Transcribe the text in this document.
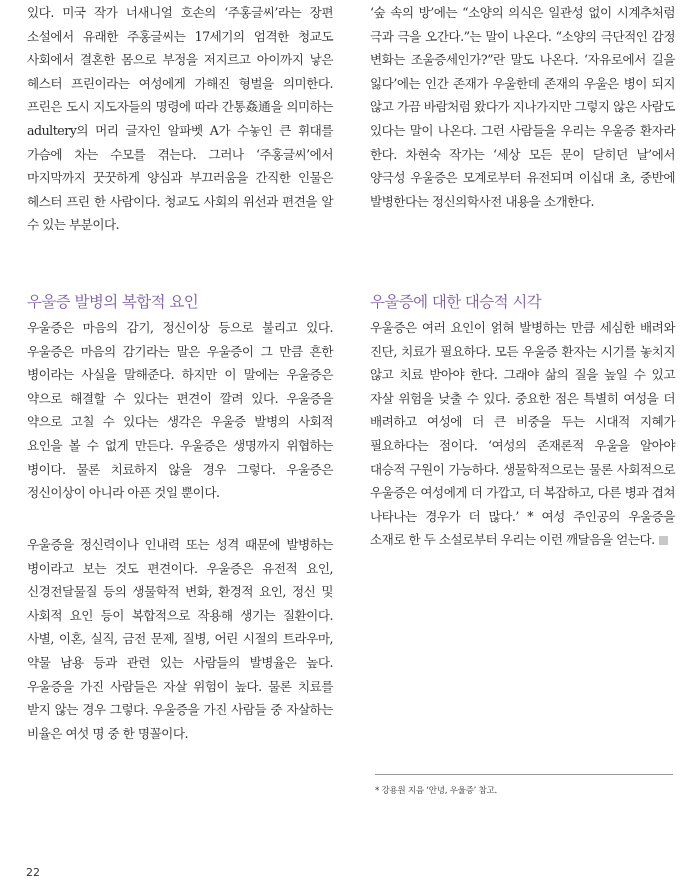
있다. 미국 작가 너새니얼 호손의 ‘주홍글씨’라는 장편 소설에서 유래한 주홍글씨는 17세기의 엄격한 청교도 사회에서 결혼한 몸으로 부정을 저지르고 아이까지 낳은 헤스터 프린이라는 여성에게 가해진 형벌을 의미한다. 프린은 도시 지도자들의 명령에 따라 간통姦通을 의미하는 adultery의 머리 글자인 알파벳 A가 수놓인 큰 휘대를 가슴에 차는 수모를 겪는다. 그러나 ‘주홍글씨’에서 마지막까지 꿋꿋하게 양심과 부끄러움을 간직한 인물은 헤스터 프린 한 사람이다. 청교도 사회의 위선과 편견을 알 수 있는 부분이다.

우울증 발병의 복합적 요인

우울증은 마음의 감기, 정신이상 등으로 불리고 있다. 우울증은 마음의 감기라는 말은 우울증이 그 만큼 흔한 병이라는 사실을 말해준다. 하지만 이 말에는 우울증은 약으로 해결할 수 있다는 편견이 깔려 있다. 우울증을 약으로 고칠 수 있다는 생각은 우울증 발병의 사회적 요인을 볼 수 없게 만든다. 우울증은 생명까지 위협하는 병이다. 물론 치료하지 않을 경우 그렇다. 우울증은 정신이상이 아니라 아픈 것일 뿐이다.

우울증을 정신력이나 인내력 또는 성격 때문에 발병하는 병이라고 보는 것도 편견이다. 우울증은 유전적 요인, 신경전달물질 등의 생물학적 변화, 환경적 요인, 정신 및 사회적 요인 등이 복합적으로 작용해 생기는 질환이다. 사별, 이혼, 실직, 금전 문제, 질병, 어린 시절의 트라우마, 약물 남용 등과 관련 있는 사람들의 발병율은 높다. 우울증을 가진 사람들은 자살 위험이 높다. 물론 치료를 받지 않는 경우 그렇다. 우울증을 가진 사람들 중 자살하는 비율은 여섯 명 중 한 명꼴이다.

‘숲 속의 방’에는 “소양의 의식은 일관성 없이 시계추처럼 극과 극을 오간다.”는 말이 나온다. “소양의 극단적인 감정 변화는 조울증세인가?”란 말도 나온다. ‘자유로에서 길을 잃다’에는 인간 존재가 우울한데 존재의 우울은 병이 되지 않고 가끔 바람처럼 왔다가 지나가지만 그렇지 않은 사람도 있다는 말이 나온다. 그런 사람들을 우리는 우울증 환자라 한다. 차현숙 작가는 ‘세상 모든 문이 닫히던 날’에서 양극성 우울증은 모계로부터 유전되며 이십대 초, 중반에 발병한다는 정신의학사전 내용을 소개한다.

우울증에 대한 대승적 시각

우울증은 여러 요인이 얽혀 발병하는 만큼 세심한 배려와 진단, 치료가 필요하다. 모든 우울증 환자는 시기를 놓치지 않고 치료 받아야 한다. 그래야 삶의 질을 높일 수 있고 자살 위험을 낮출 수 있다. 중요한 점은 특별히 여성을 더 배려하고 여성에 더 큰 비중을 두는 시대적 지혜가 필요하다는 점이다. ‘여성의 존재론적 우울을 알아야 대승적 구원이 가능하다. 생물학적으로는 물론 사회적으로 우울증은 여성에게 더 가깝고, 더 복잡하고, 다른 병과 겹쳐 나타나는 경우가 더 많다.’ * 여성 주인공의 우울증을 소재로 한 두 소설로부터 우리는 이런 깨달음을 얻는다.

* 강용원 지음 ‘안녕, 우울증’ 참고.
22
